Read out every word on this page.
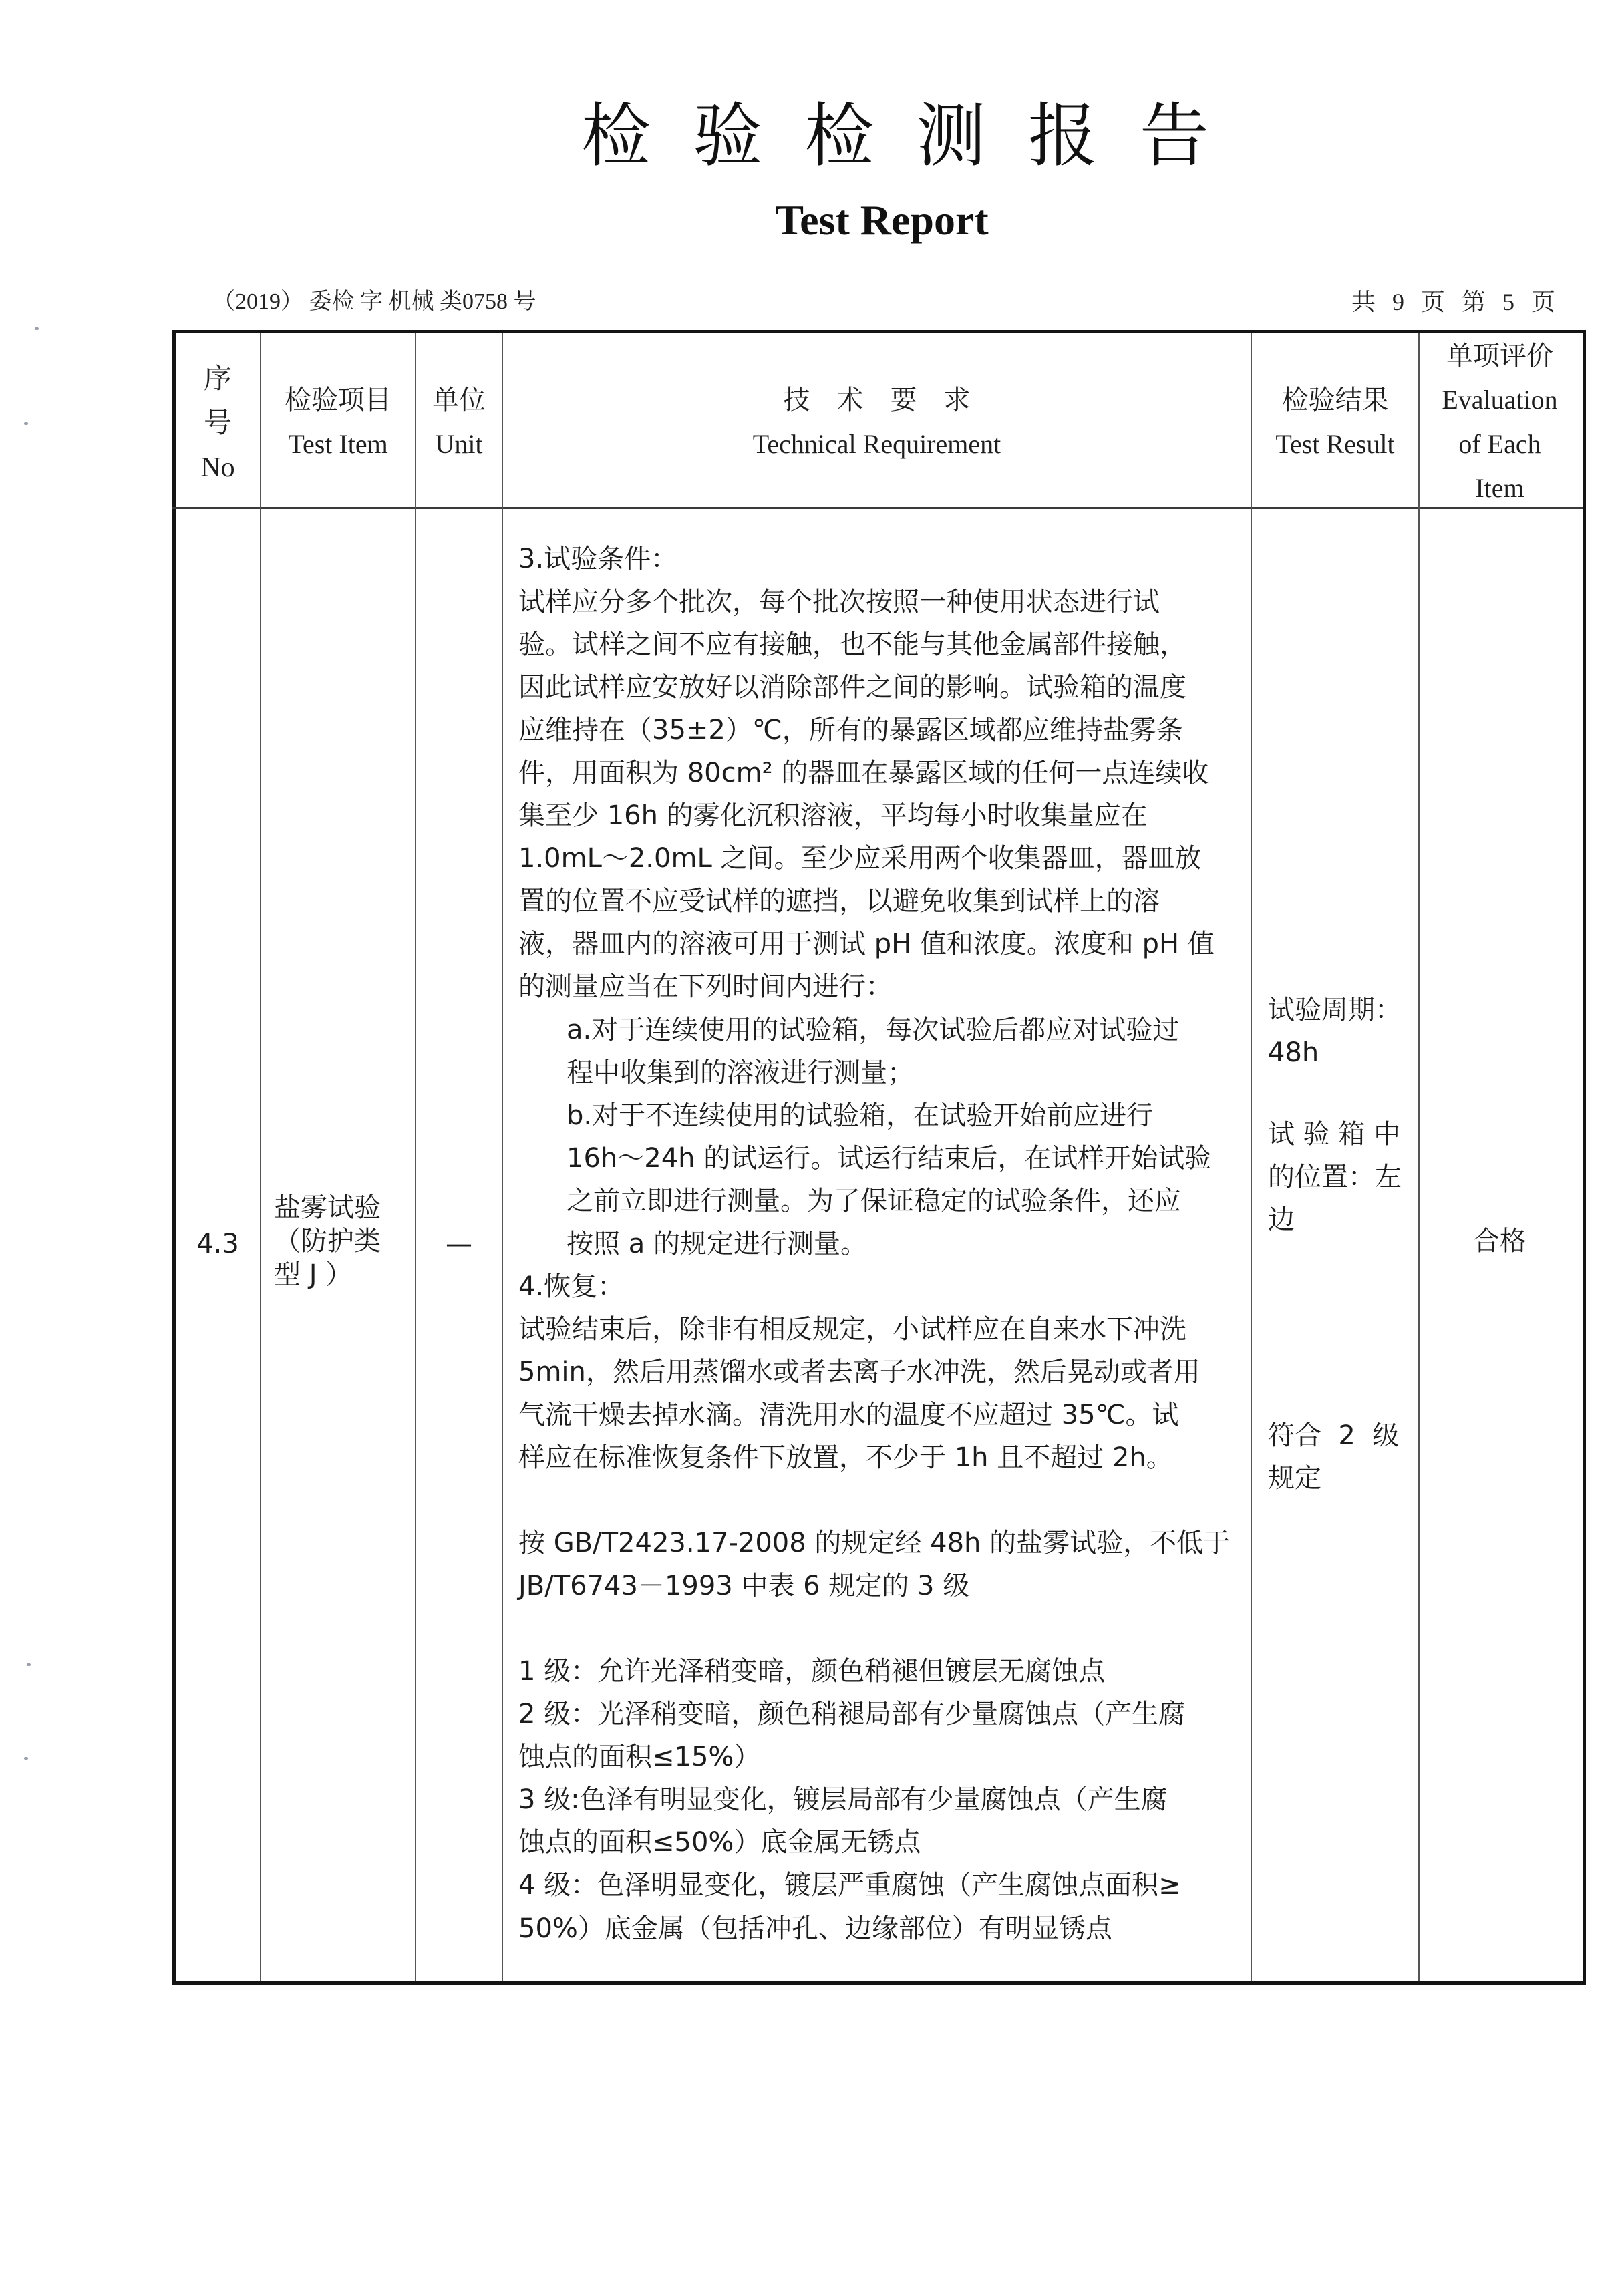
检 验 检 测 报 告
Test Report
（2019） 委检 字 机械 类0758 号	共 9 页 第 5 页
序
号
No
检验项目
Test Item
单位
Unit
技 术 要 求
Technical Requirement
检验结果
Test Result
单项评价
Evaluation
of Each
Item
4.3
盐雾试验
（防护类
型 J ）
—
3.试验条件：
试样应分多个批次，每个批次按照一种使用状态进行试
验。试样之间不应有接触，也不能与其他金属部件接触，
因此试样应安放好以消除部件之间的影响。试验箱的温度
应维持在（35±2）℃，所有的暴露区域都应维持盐雾条
件，用面积为 80cm² 的器皿在暴露区域的任何一点连续收
集至少 16h 的雾化沉积溶液，平均每小时收集量应在
1.0mL～2.0mL 之间。至少应采用两个收集器皿，器皿放
置的位置不应受试样的遮挡，以避免收集到试样上的溶
液，器皿内的溶液可用于测试 pH 值和浓度。浓度和 pH 值
的测量应当在下列时间内进行：
a.对于连续使用的试验箱，每次试验后都应对试验过
程中收集到的溶液进行测量；
b.对于不连续使用的试验箱，在试验开始前应进行
16h～24h 的试运行。试运行结束后，在试样开始试验
之前立即进行测量。为了保证稳定的试验条件，还应
按照 a 的规定进行测量。
4.恢复：
试验结束后，除非有相反规定，小试样应在自来水下冲洗
5min，然后用蒸馏水或者去离子水冲洗，然后晃动或者用
气流干燥去掉水滴。清洗用水的温度不应超过 35℃。试
样应在标准恢复条件下放置，不少于 1h 且不超过 2h。
按 GB/T2423.17-2008 的规定经 48h 的盐雾试验，不低于
JB/T6743－1993 中表 6 规定的 3 级
1 级：允许光泽稍变暗，颜色稍褪但镀层无腐蚀点
2 级：光泽稍变暗，颜色稍褪局部有少量腐蚀点（产生腐
蚀点的面积≤15%）
3 级:色泽有明显变化，镀层局部有少量腐蚀点（产生腐
蚀点的面积≤50%）底金属无锈点
4 级：色泽明显变化，镀层严重腐蚀（产生腐蚀点面积≥
50%）底金属（包括冲孔、边缘部位）有明显锈点
试验周期：
48h
试 验 箱 中
的位置：左
边
符合  2  级
规定
合格
